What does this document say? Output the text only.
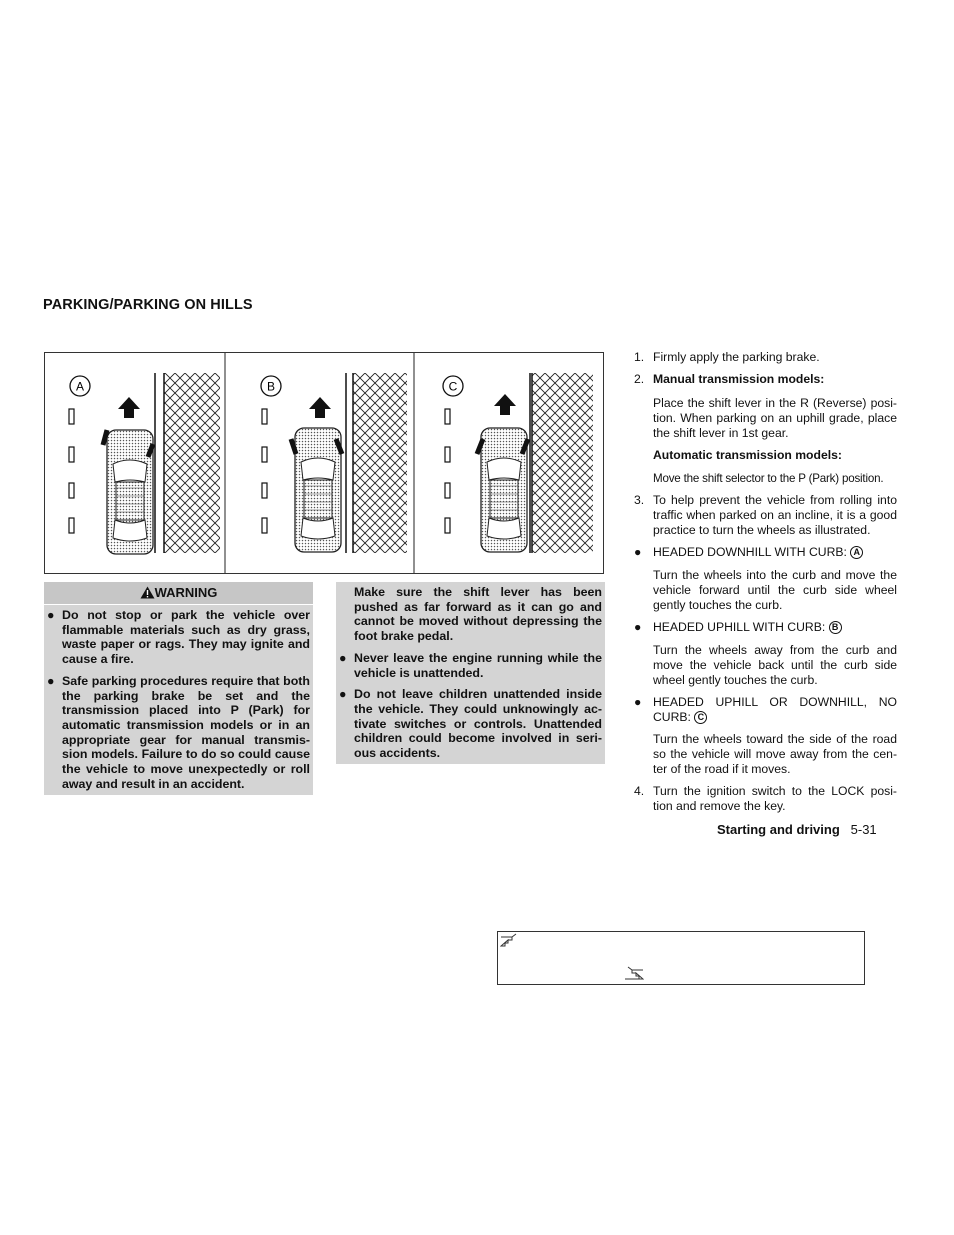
PARKING/PARKING ON HILLS
A	B	C
WARNING
● Do not stop or park the vehicle over flammable materials such as dry grass, waste paper or rags. They may ignite and cause a fire.
● Safe parking procedures require that both the parking brake be set and the transmission placed into P (Park) for automatic transmission models or in an appropriate gear for manual transmis-sion models. Failure to do so could cause the vehicle to move unexpectedly or roll away and result in an accident.
Make sure the shift lever has been pushed as far forward as it can go and cannot be moved without depressing the foot brake pedal.
● Never leave the engine running while the vehicle is unattended.
● Do not leave children unattended inside the vehicle. They could unknowingly ac-tivate switches or controls. Unattended children could become involved in seri-ous accidents.
1. Firmly apply the parking brake.
2. Manual transmission models:
Place the shift lever in the R (Reverse) posi-tion. When parking on an uphill grade, place the shift lever in 1st gear.
Automatic transmission models:
Move the shift selector to the P (Park) position.
3. To help prevent the vehicle from rolling into traffic when parked on an incline, it is a good practice to turn the wheels as illustrated.
● HEADED DOWNHILL WITH CURB: A
Turn the wheels into the curb and move the vehicle forward until the curb side wheel gently touches the curb.
● HEADED UPHILL WITH CURB: B
Turn the wheels away from the curb and move the vehicle back until the curb side wheel gently touches the curb.
● HEADED UPHILL OR DOWNHILL, NO CURB: C
Turn the wheels toward the side of the road so the vehicle will move away from the cen-ter of the road if it moves.
4. Turn the ignition switch to the LOCK posi-tion and remove the key.
Starting and driving 5-31
